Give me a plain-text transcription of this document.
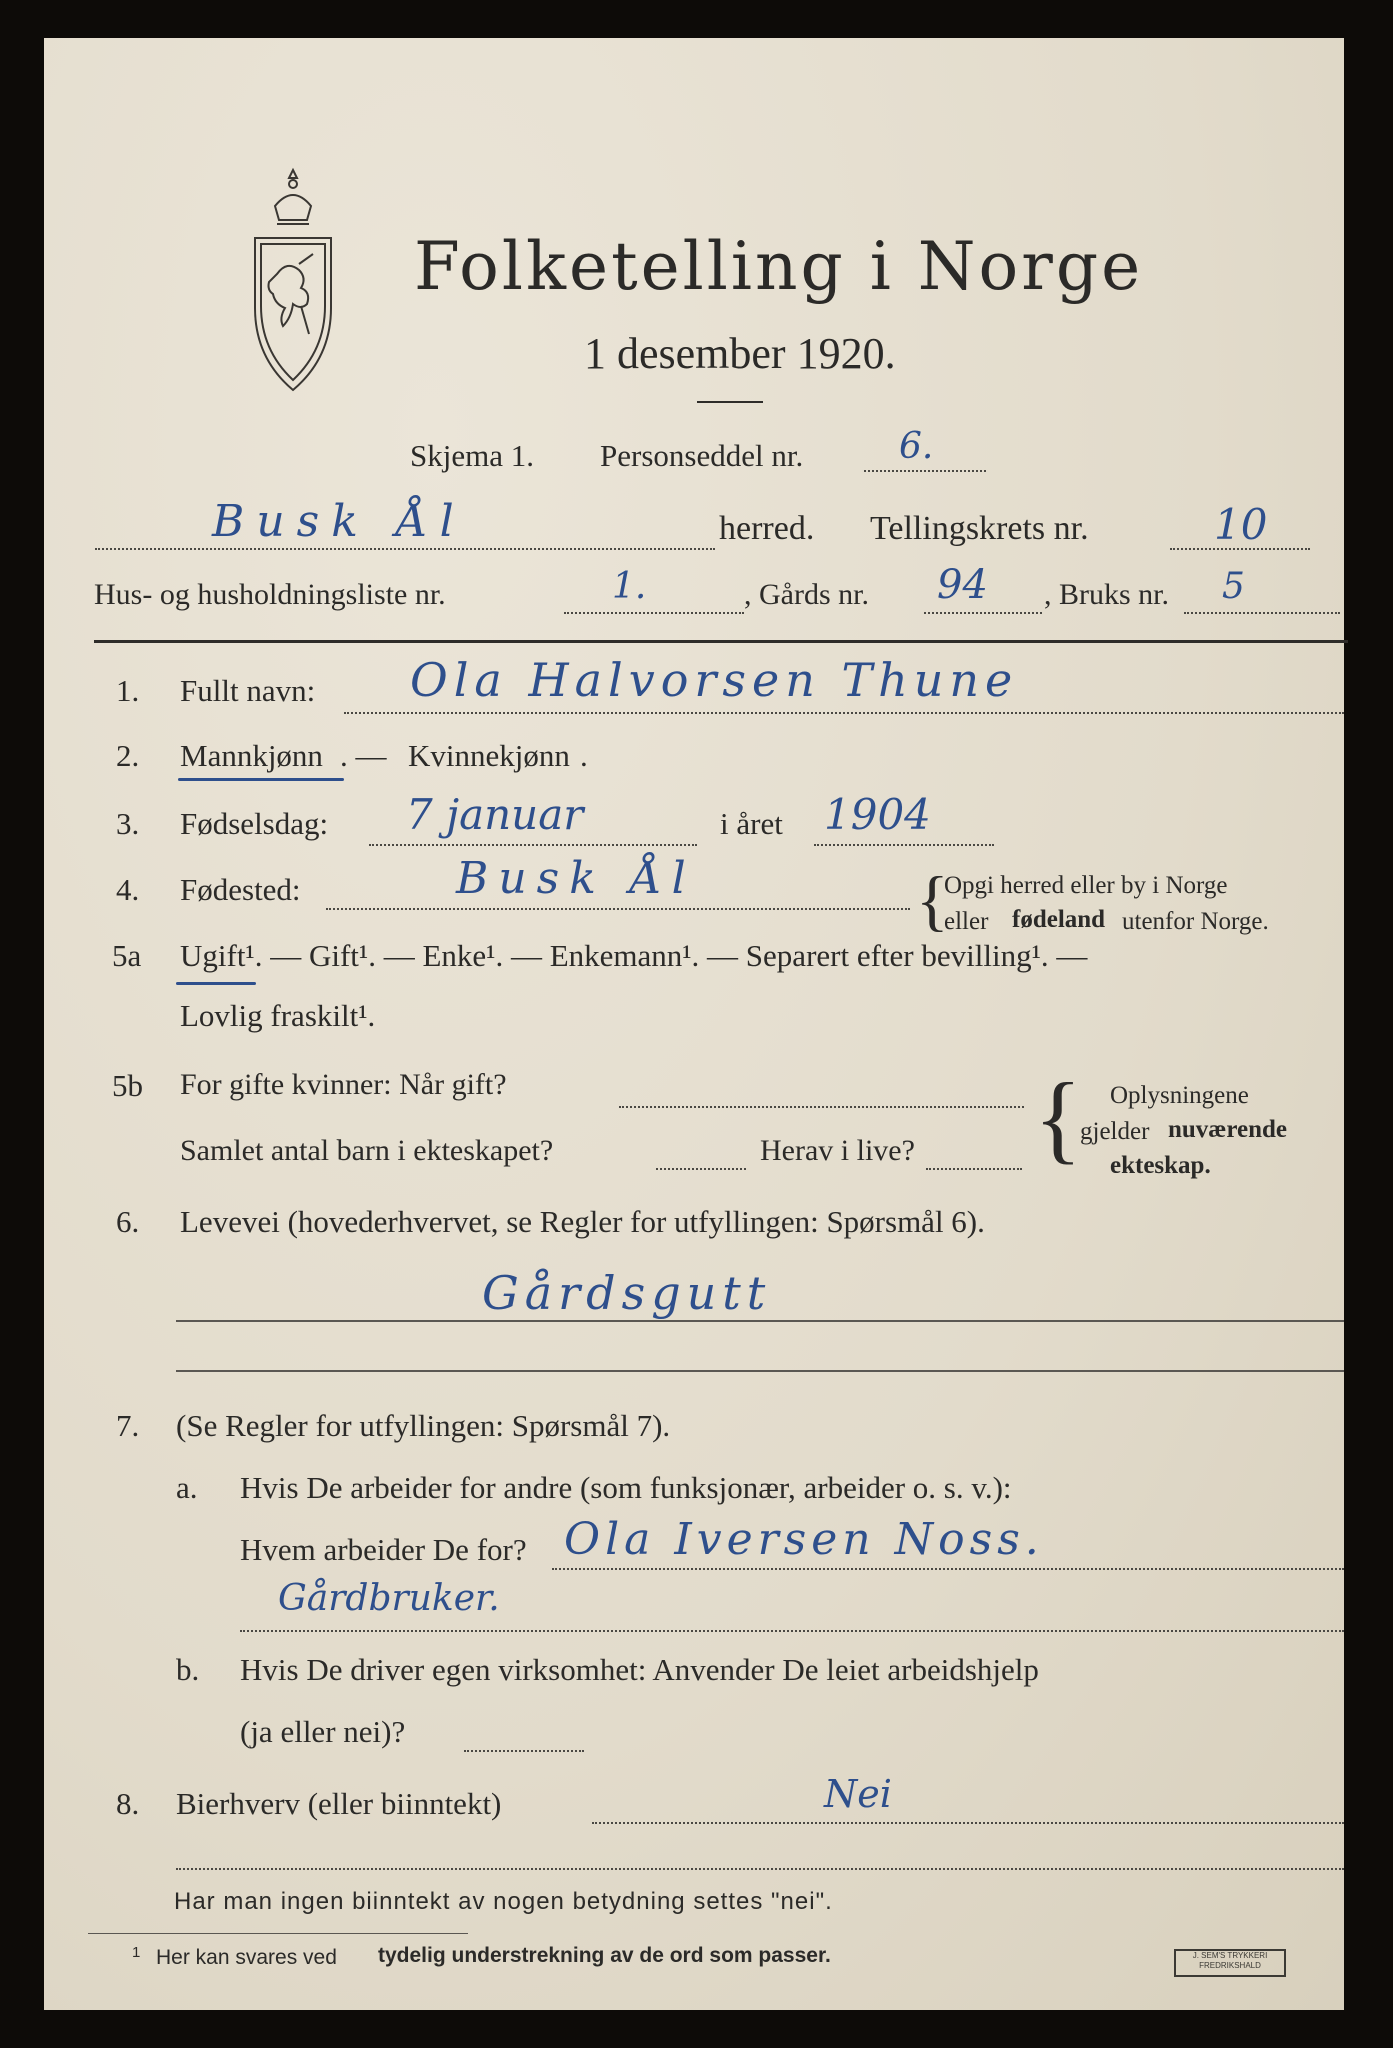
Folketelling i Norge
1 desember 1920.
Skjema 1. Personseddel nr.	6.
Busk Ål	herred. Tellingskrets nr.	10
Hus- og husholdningsliste nr.	1.	, Gårds nr. 94 , Bruks nr. 5
1. Fullt navn: Ola Halvorsen Thune
2. Mannkjønn . — Kvinnekjønn .
3. Fødselsdag: 7 januar	i året 1904
4. Fødested:	Busk Ål	{
Opgi herred eller by i Norge
eller fødeland utenfor Norge.
5a Ugift¹. — Gift¹. — Enke¹. — Enkemann¹. — Separert efter bevilling¹. —
Lovlig fraskilt¹.
5b For gifte kvinner: Når gift?
Samlet antal barn i ekteskapet?	Herav i live? { Oplysningene
gjelder nuværende
ekteskap.
6. Levevei (hovederhvervet, se Regler for utfyllingen: Spørsmål 6).
Gårdsgutt
7. (Se Regler for utfyllingen: Spørsmål 7).
a. Hvis De arbeider for andre (som funksjonær, arbeider o. s. v.):
Hvem arbeider De for? Ola Iversen Noss.
Gårdbruker.
b. Hvis De driver egen virksomhet: Anvender De leiet arbeidshjelp
(ja eller nei)?
8. Bierhverv (eller biinntekt)	Nei
Har man ingen biinntekt av nogen betydning settes "nei".
1 Her kan svares ved tydelig understrekning av de ord som passer.	J. SEM'S TRYKKERI
FREDRIKSHALD
